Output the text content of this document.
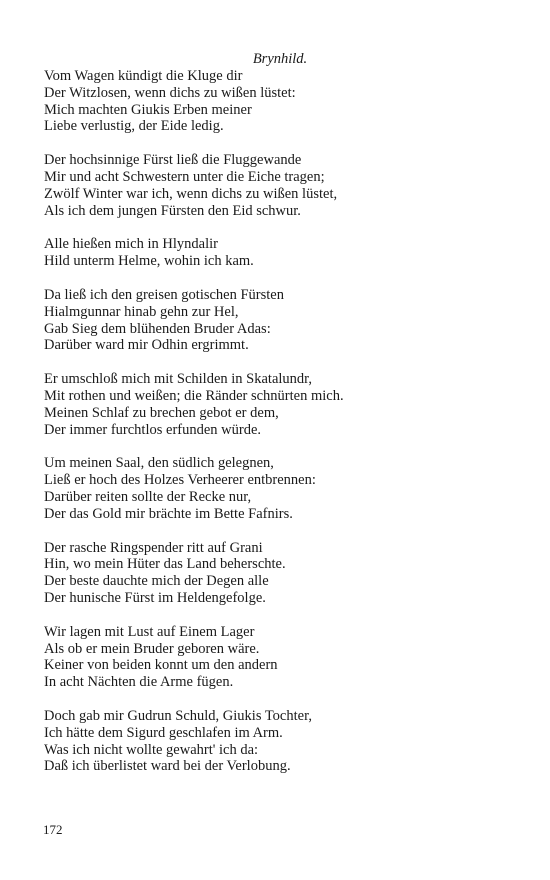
Brynhild.
Vom Wagen kündigt die Kluge dir
Der Witzlosen, wenn dichs zu wißen lüstet:
Mich machten Giukis Erben meiner
Liebe verlustig, der Eide ledig.
Der hochsinnige Fürst ließ die Fluggewande
Mir und acht Schwestern unter die Eiche tragen;
Zwölf Winter war ich, wenn dichs zu wißen lüstet,
Als ich dem jungen Fürsten den Eid schwur.
Alle hießen mich in Hlyndalir
Hild unterm Helme, wohin ich kam.
Da ließ ich den greisen gotischen Fürsten
Hialmgunnar hinab gehn zur Hel,
Gab Sieg dem blühenden Bruder Adas:
Darüber ward mir Odhin ergrimmt.
Er umschloß mich mit Schilden in Skatalundr,
Mit rothen und weißen; die Ränder schnürten mich.
Meinen Schlaf zu brechen gebot er dem,
Der immer furchtlos erfunden würde.
Um meinen Saal, den südlich gelegnen,
Ließ er hoch des Holzes Verheerer entbrennen:
Darüber reiten sollte der Recke nur,
Der das Gold mir brächte im Bette Fafnirs.
Der rasche Ringspender ritt auf Grani
Hin, wo mein Hüter das Land beherschte.
Der beste dauchte mich der Degen alle
Der hunische Fürst im Heldengefolge.
Wir lagen mit Lust auf Einem Lager
Als ob er mein Bruder geboren wäre.
Keiner von beiden konnt um den andern
In acht Nächten die Arme fügen.
Doch gab mir Gudrun Schuld, Giukis Tochter,
Ich hätte dem Sigurd geschlafen im Arm.
Was ich nicht wollte gewahrt' ich da:
Daß ich überlistet ward bei der Verlobung.
172
